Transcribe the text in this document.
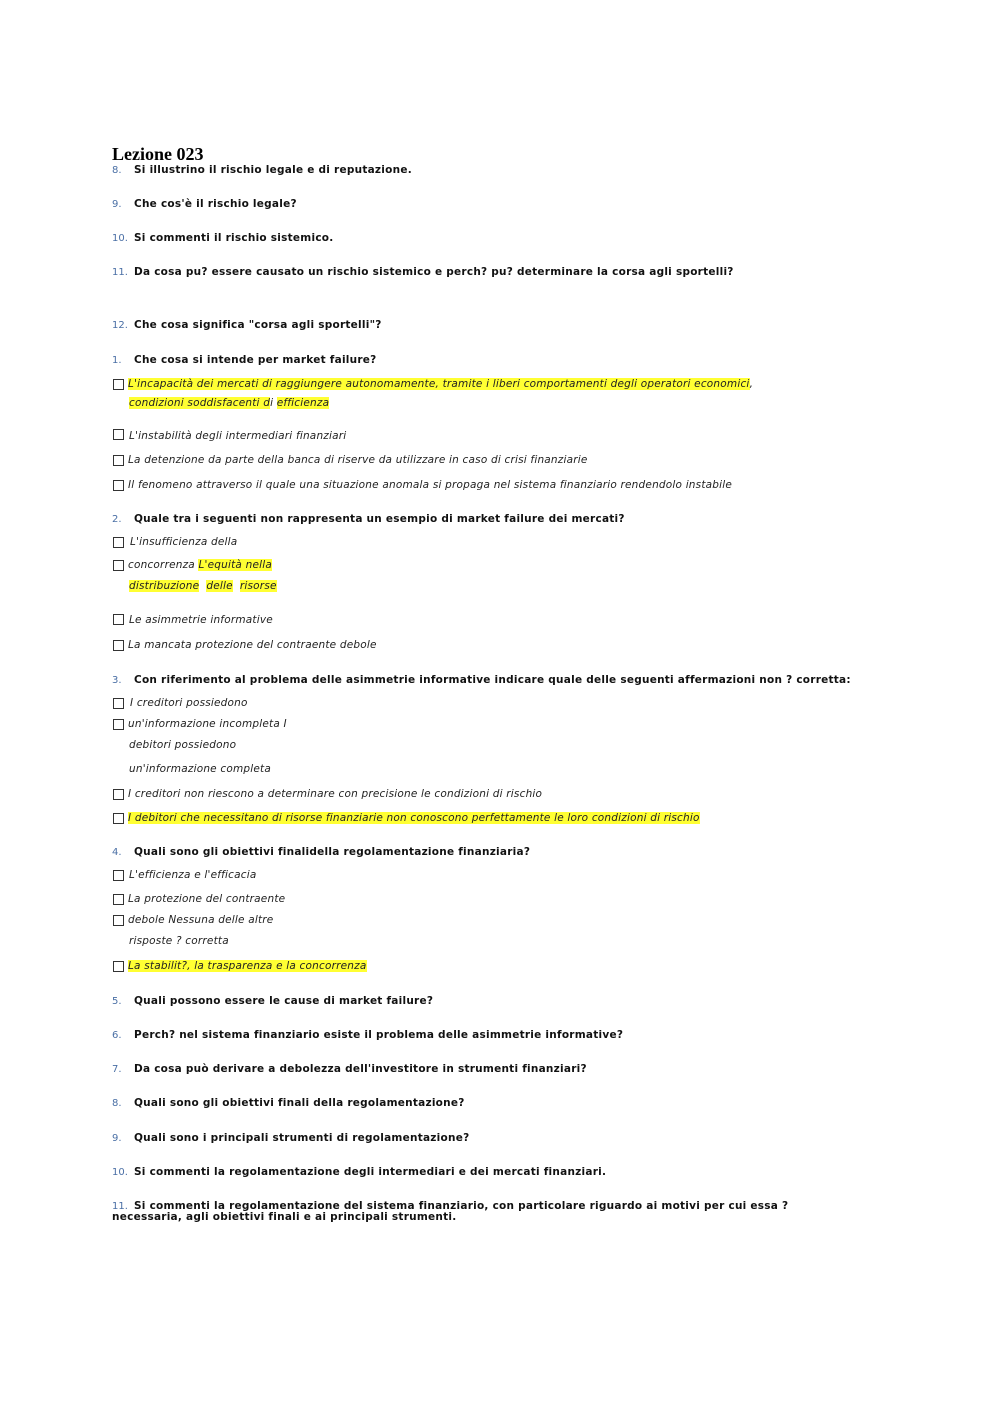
Lezione 023
8. Si illustrino il rischio legale e di reputazione.
9. Che cos'è il rischio legale?
10. Si commenti il rischio sistemico.
11. Da cosa pu? essere causato un rischio sistemico e perch? pu? determinare la corsa agli sportelli?
12. Che cosa significa "corsa agli sportelli"?
1. Che cosa si intende per market failure?
L'incapacità dei mercati di raggiungere autonomamente, tramite i liberi comportamenti degli operatori economici,
condizioni soddisfacenti di efficienza
L'instabilità degli intermediari finanziari
La detenzione da parte della banca di riserve da utilizzare in caso di crisi finanziarie
Il fenomeno attraverso il quale una situazione anomala si propaga nel sistema finanziario rendendolo instabile
2. Quale tra i seguenti non rappresenta un esempio di market failure dei mercati?
L'insufficienza della
concorrenza L'equità nella
distribuzione delle risorse
Le asimmetrie informative
La mancata protezione del contraente debole
3. Con riferimento al problema delle asimmetrie informative indicare quale delle seguenti affermazioni non ? corretta:
I creditori possiedono
un'informazione incompleta I
debitori possiedono
un'informazione completa
I creditori non riescono a determinare con precisione le condizioni di rischio
I debitori che necessitano di risorse finanziarie non conoscono perfettamente le loro condizioni di rischio
4. Quali sono gli obiettivi finalidella regolamentazione finanziaria?
L'efficienza e l'efficacia
La protezione del contraente
debole Nessuna delle altre
risposte ? corretta
La stabilit?, la trasparenza e la concorrenza
5. Quali possono essere le cause di market failure?
6. Perch? nel sistema finanziario esiste il problema delle asimmetrie informative?
7. Da cosa può derivare a debolezza dell'investitore in strumenti finanziari?
8. Quali sono gli obiettivi finali della regolamentazione?
9. Quali sono i principali strumenti di regolamentazione?
10. Si commenti la regolamentazione degli intermediari e dei mercati finanziari.
11. Si commenti la regolamentazione del sistema finanziario, con particolare riguardo ai motivi per cui essa ?
necessaria, agli obiettivi finali e ai principali strumenti.
